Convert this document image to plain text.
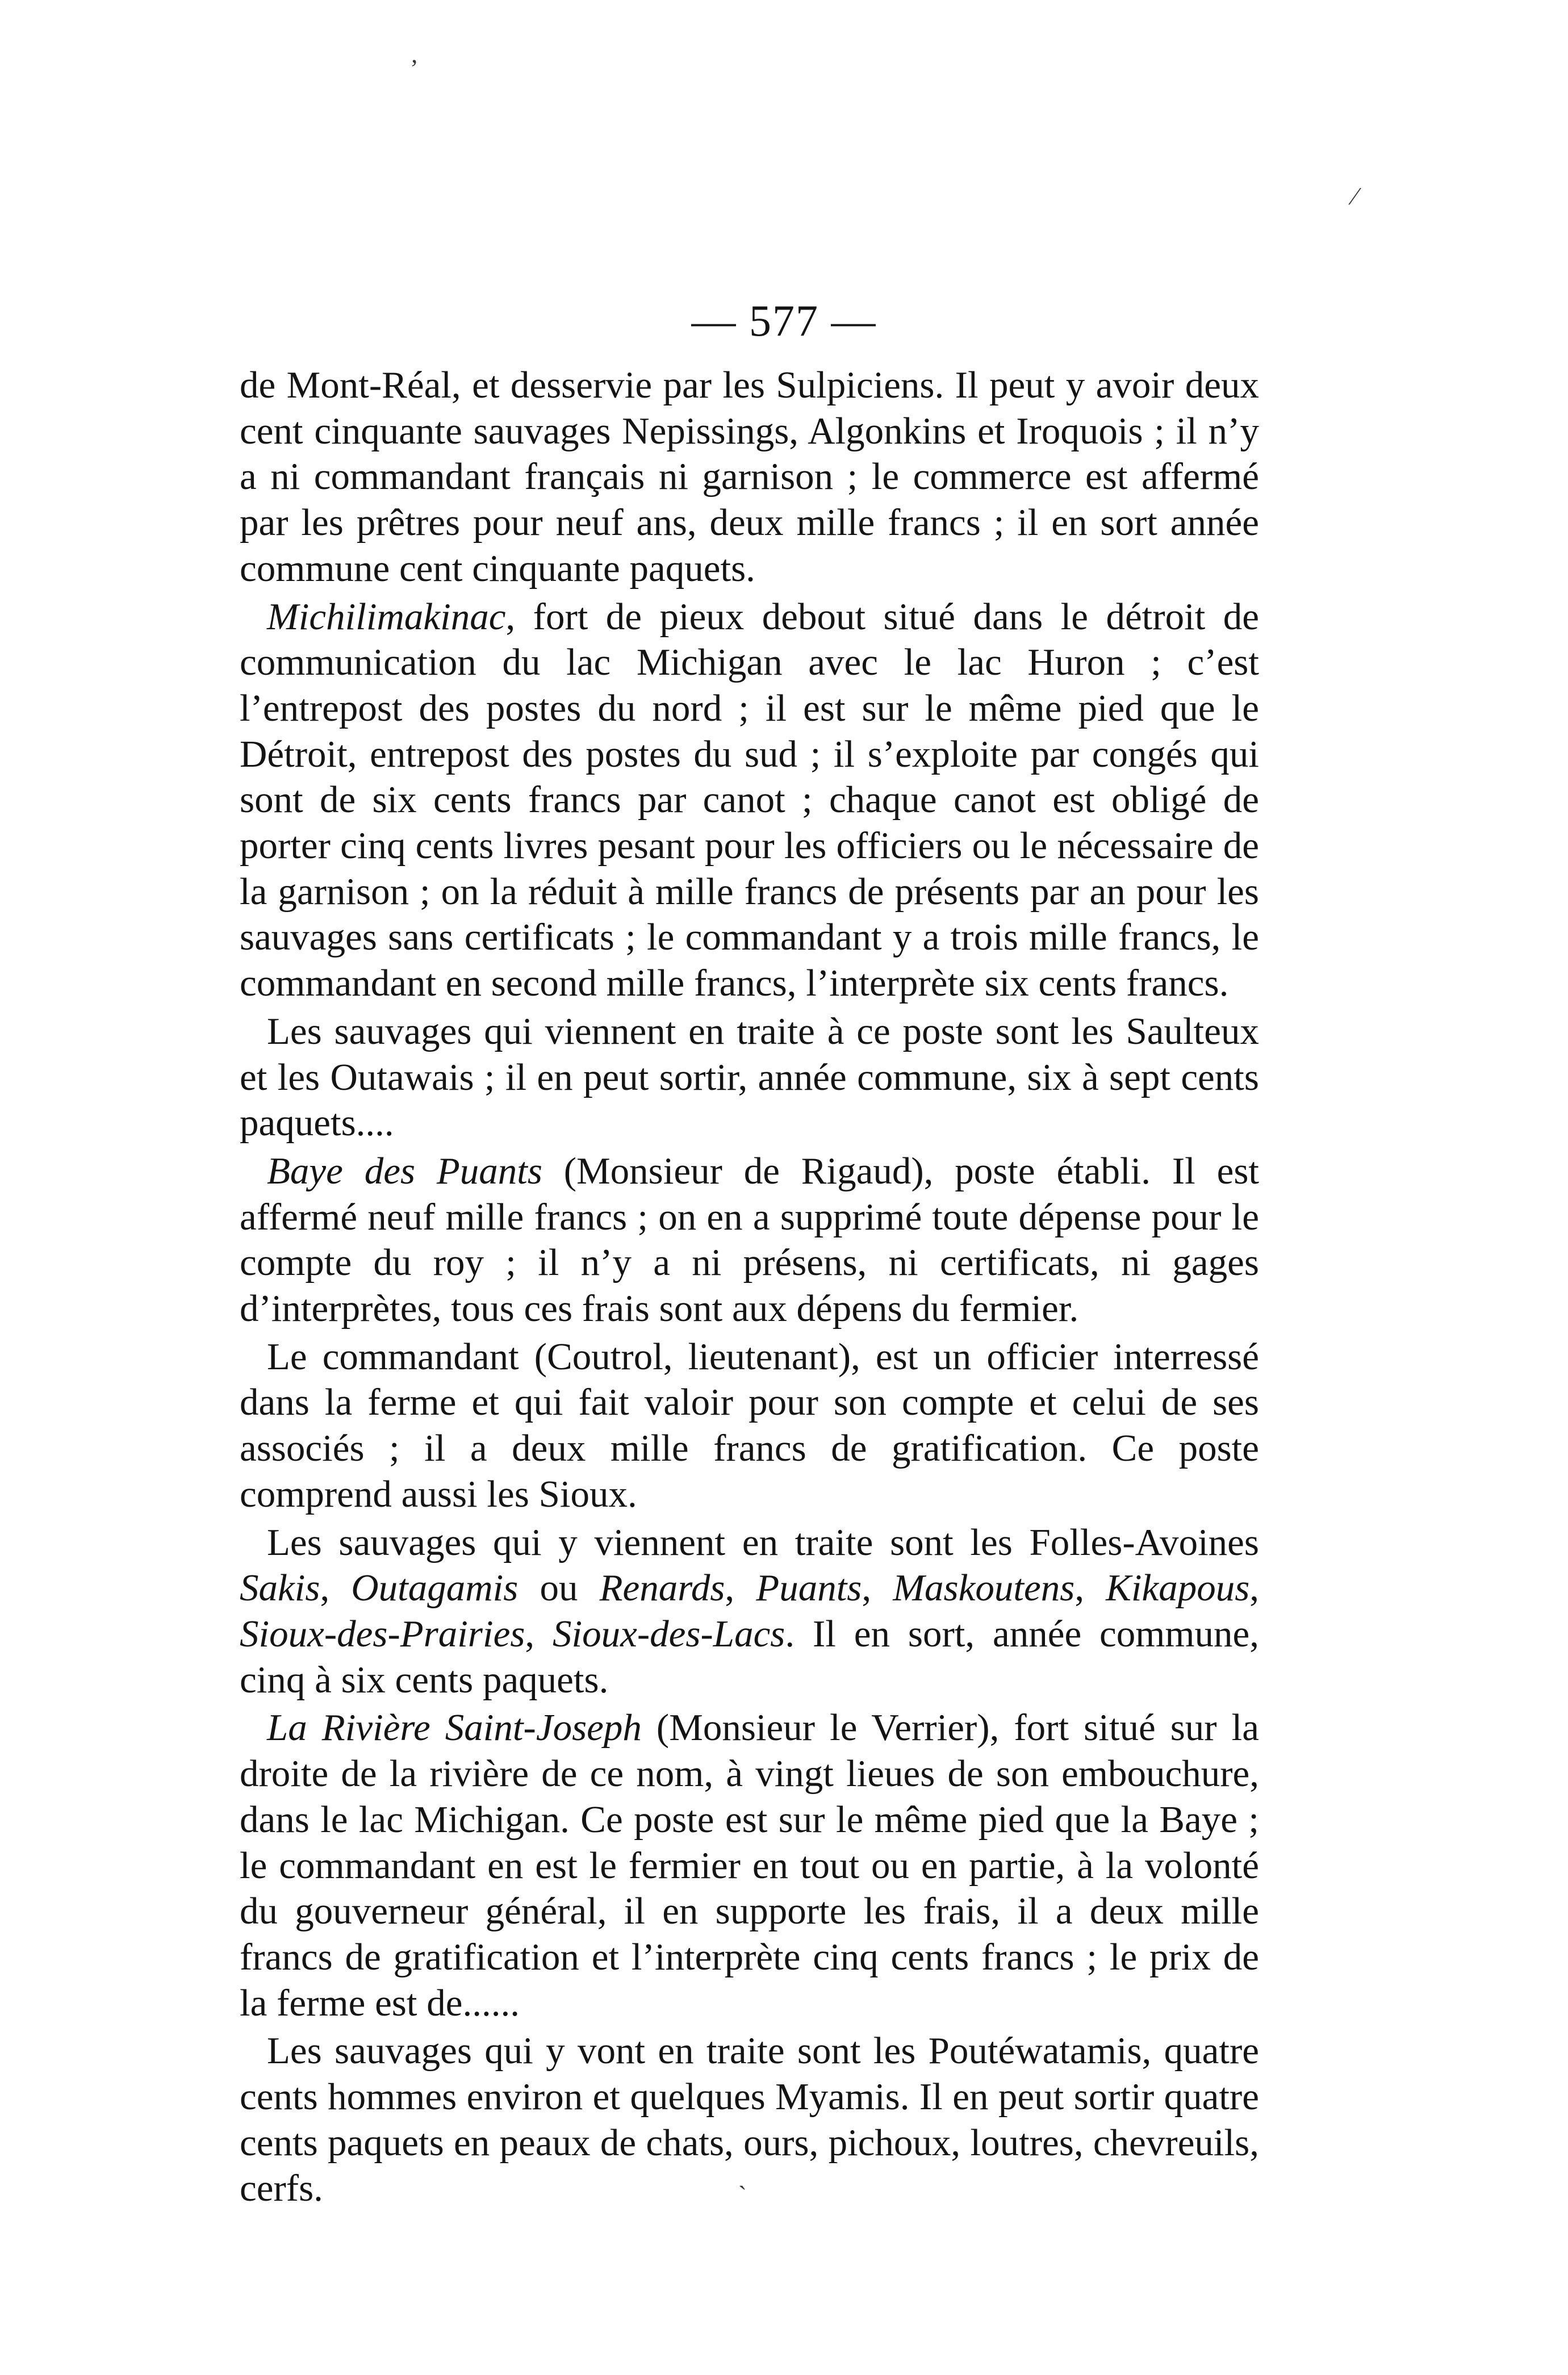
— 577 —

de Mont-Réal, et desservie par les Sulpiciens. Il peut y avoir deux cent cinquante sauvages Nepissings, Algonkins et Iroquois ; il n’y a ni commandant français ni garnison ; le commerce est affermé par les prêtres pour neuf ans, deux mille francs ; il en sort année commune cent cinquante paquets.

Michilimakinac, fort de pieux debout situé dans le détroit de communication du lac Michigan avec le lac Huron ; c’est l’entrepost des postes du nord ; il est sur le même pied que le Détroit, entrepost des postes du sud ; il s’exploite par congés qui sont de six cents francs par canot ; chaque canot est obligé de porter cinq cents livres pesant pour les officiers ou le nécessaire de la garnison ; on la réduit à mille francs de présents par an pour les sauvages sans certificats ; le commandant y a trois mille francs, le commandant en second mille francs, l’interprète six cents francs.

Les sauvages qui viennent en traite à ce poste sont les Saulteux et les Outawais ; il en peut sortir, année commune, six à sept cents paquets....

Baye des Puants (Monsieur de Rigaud), poste établi. Il est affermé neuf mille francs ; on en a supprimé toute dépense pour le compte du roy ; il n’y a ni présens, ni certificats, ni gages d’interprètes, tous ces frais sont aux dépens du fermier.

Le commandant (Coutrol, lieutenant), est un officier interressé dans la ferme et qui fait valoir pour son compte et celui de ses associés ; il a deux mille francs de gratification. Ce poste comprend aussi les Sioux.

Les sauvages qui y viennent en traite sont les Folles-Avoines Sakis, Outagamis ou Renards, Puants, Maskoutens, Kikapous, Sioux-des-Prairies, Sioux-des-Lacs. Il en sort, année commune, cinq à six cents paquets.

La Rivière Saint-Joseph (Monsieur le Verrier), fort situé sur la droite de la rivière de ce nom, à vingt lieues de son embouchure, dans le lac Michigan. Ce poste est sur le même pied que la Baye ; le commandant en est le fermier en tout ou en partie, à la volonté du gouverneur général, il en supporte les frais, il a deux mille francs de gratification et l’interprète cinq cents francs ; le prix de la ferme est de......

Les sauvages qui y vont en traite sont les Poutéwatamis, quatre cents hommes environ et quelques Myamis. Il en peut sortir quatre cents paquets en peaux de chats, ours, pichoux, loutres, chevreuils, cerfs.

ʼ
⁄
ˋ
